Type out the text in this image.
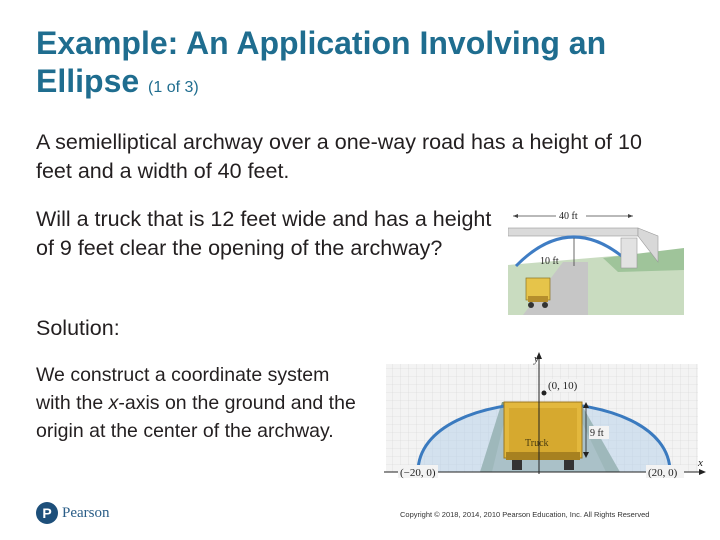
Example: An Application Involving an Ellipse (1 of 3)
A semielliptical archway over a one-way road has a height of 10 feet and a width of 40 feet.
Will a truck that is 12 feet wide and has a height of 9 feet clear the opening of the archway?
Solution:
We construct a coordinate system with the x-axis on the ground and the origin at the center of the archway.
40 ft
10 ft
Truck
y
x
(0, 10)
9 ft
(−20, 0)	(20, 0)
P Pearson	Copyright © 2018, 2014, 2010 Pearson Education, Inc. All Rights Reserved
